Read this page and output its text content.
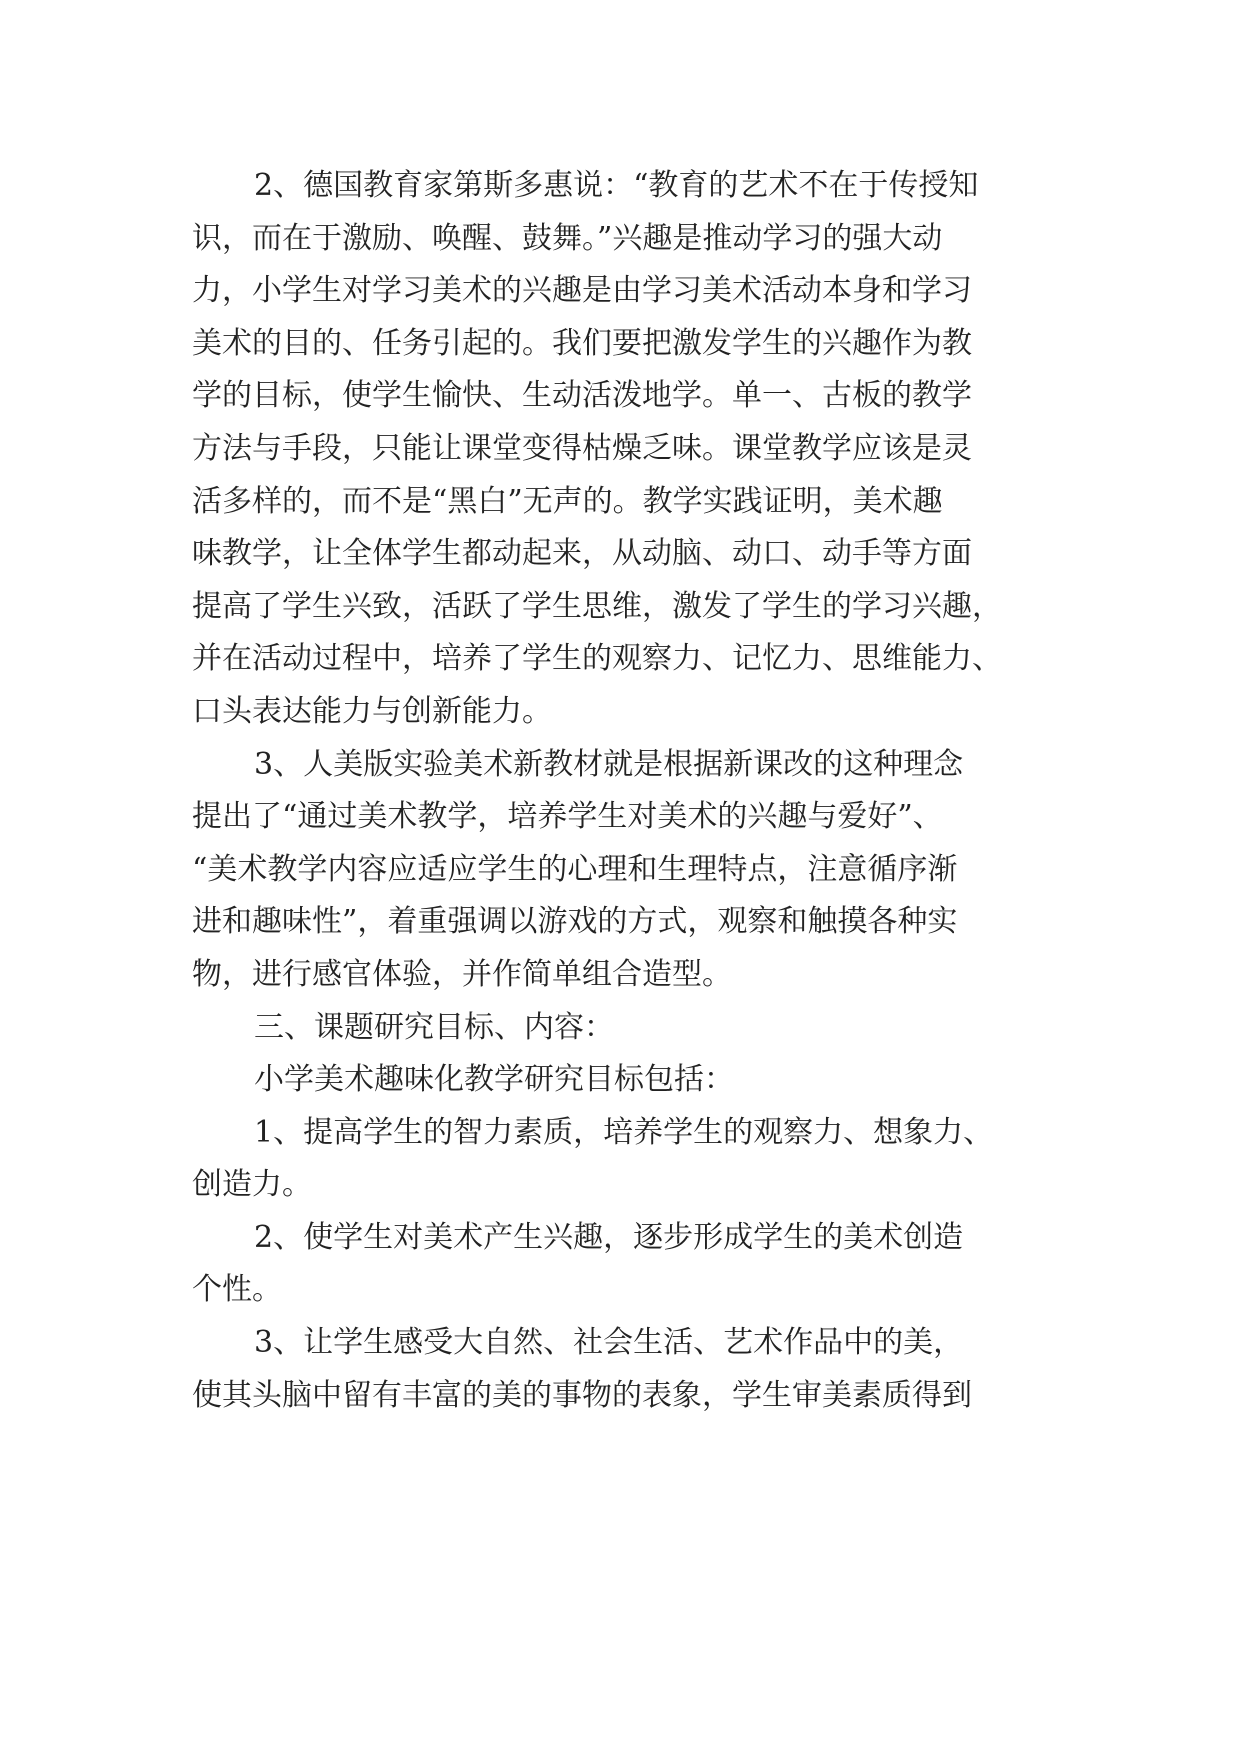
2、德国教育家第斯多惠说：“教育的艺术不在于传授知
识，而在于激励、唤醒、鼓舞。”兴趣是推动学习的强大动
力，小学生对学习美术的兴趣是由学习美术活动本身和学习
美术的目的、任务引起的。我们要把激发学生的兴趣作为教
学的目标，使学生愉快、生动活泼地学。单一、古板的教学
方法与手段，只能让课堂变得枯燥乏味。课堂教学应该是灵
活多样的，而不是“黑白”无声的。教学实践证明，美术趣
味教学，让全体学生都动起来，从动脑、动口、动手等方面
提高了学生兴致，活跃了学生思维，激发了学生的学习兴趣，
并在活动过程中，培养了学生的观察力、记忆力、思维能力、
口头表达能力与创新能力。
3、人美版实验美术新教材就是根据新课改的这种理念
提出了“通过美术教学，培养学生对美术的兴趣与爱好”、
“美术教学内容应适应学生的心理和生理特点，注意循序渐
进和趣味性”，着重强调以游戏的方式，观察和触摸各种实
物，进行感官体验，并作简单组合造型。
三、课题研究目标、内容：
小学美术趣味化教学研究目标包括：
1、提高学生的智力素质，培养学生的观察力、想象力、
创造力。
2、使学生对美术产生兴趣，逐步形成学生的美术创造
个性。
3、让学生感受大自然、社会生活、艺术作品中的美，
使其头脑中留有丰富的美的事物的表象，学生审美素质得到
